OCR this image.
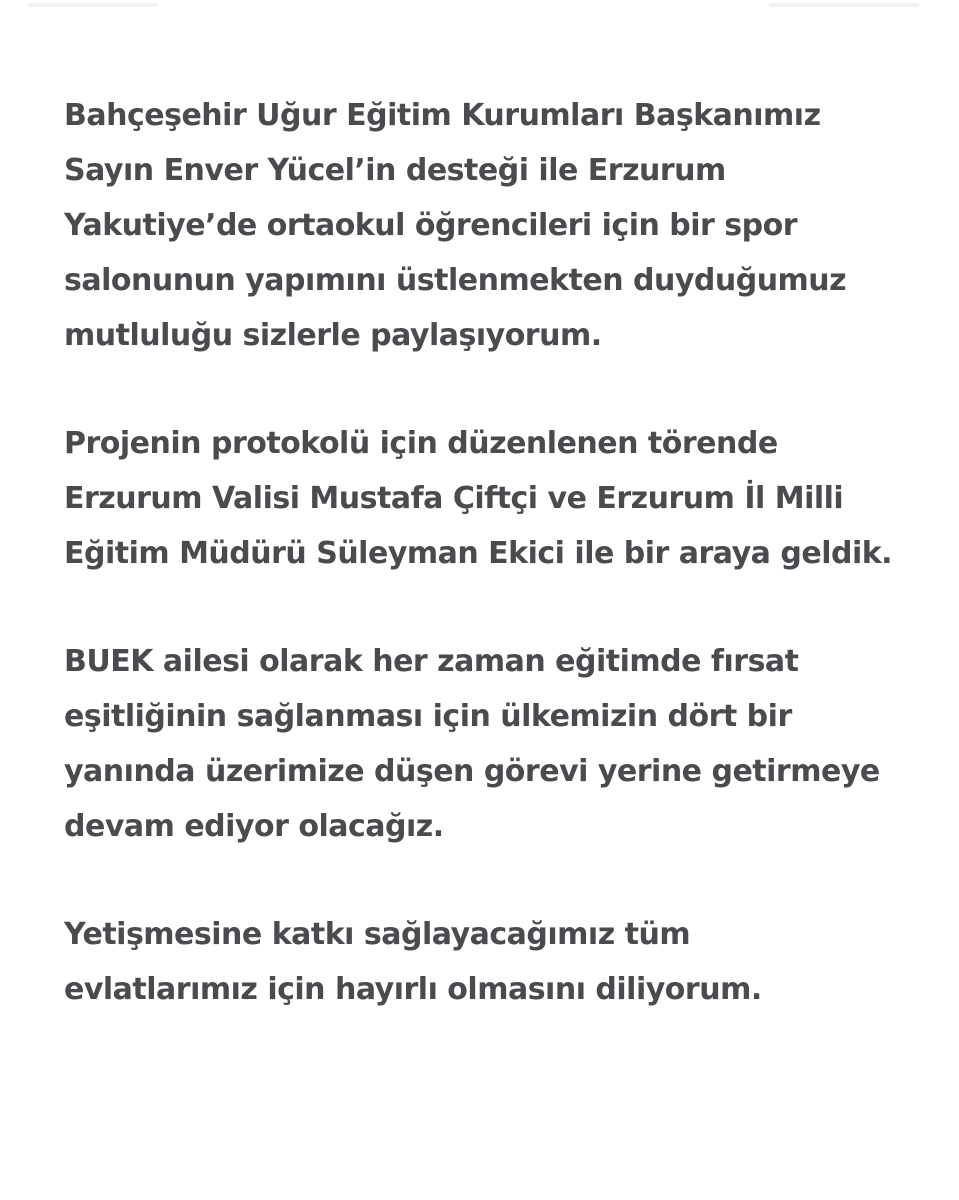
Bahçeşehir Uğur Eğitim Kurumları Başkanımız
Sayın Enver Yücel’in desteği ile Erzurum
Yakutiye’de ortaokul öğrencileri için bir spor
salonunun yapımını üstlenmekten duyduğumuz
mutluluğu sizlerle paylaşıyorum.

Projenin protokolü için düzenlenen törende
Erzurum Valisi Mustafa Çiftçi ve Erzurum İl Milli
Eğitim Müdürü Süleyman Ekici ile bir araya geldik.

BUEK ailesi olarak her zaman eğitimde fırsat
eşitliğinin sağlanması için ülkemizin dört bir
yanında üzerimize düşen görevi yerine getirmeye
devam ediyor olacağız.

Yetişmesine katkı sağlayacağımız tüm
evlatlarımız için hayırlı olmasını diliyorum.
